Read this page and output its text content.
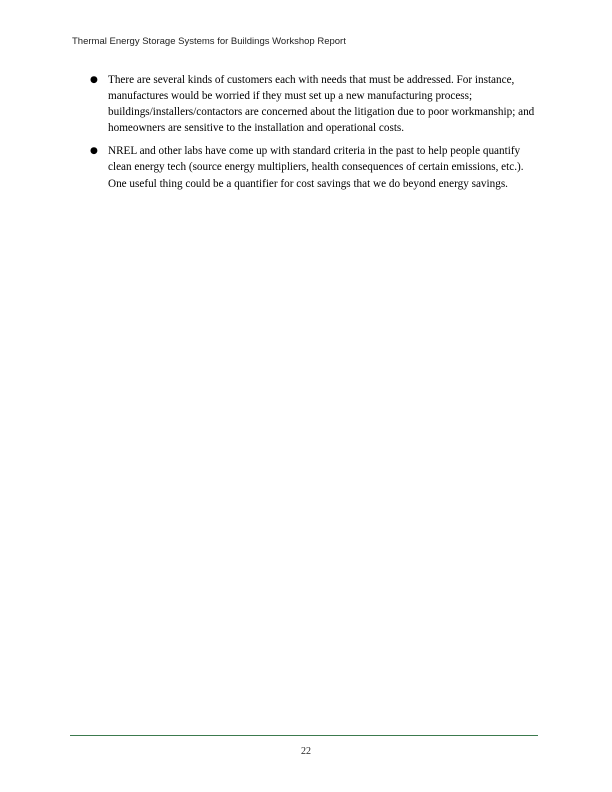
Thermal Energy Storage Systems for Buildings Workshop Report
● There are several kinds of customers each with needs that must be addressed. For instance, manufactures would be worried if they must set up a new manufacturing process; buildings/installers/contactors are concerned about the litigation due to poor workmanship; and homeowners are sensitive to the installation and operational costs.
● NREL and other labs have come up with standard criteria in the past to help people quantify clean energy tech (source energy multipliers, health consequences of certain emissions, etc.). One useful thing could be a quantifier for cost savings that we do beyond energy savings.
22
